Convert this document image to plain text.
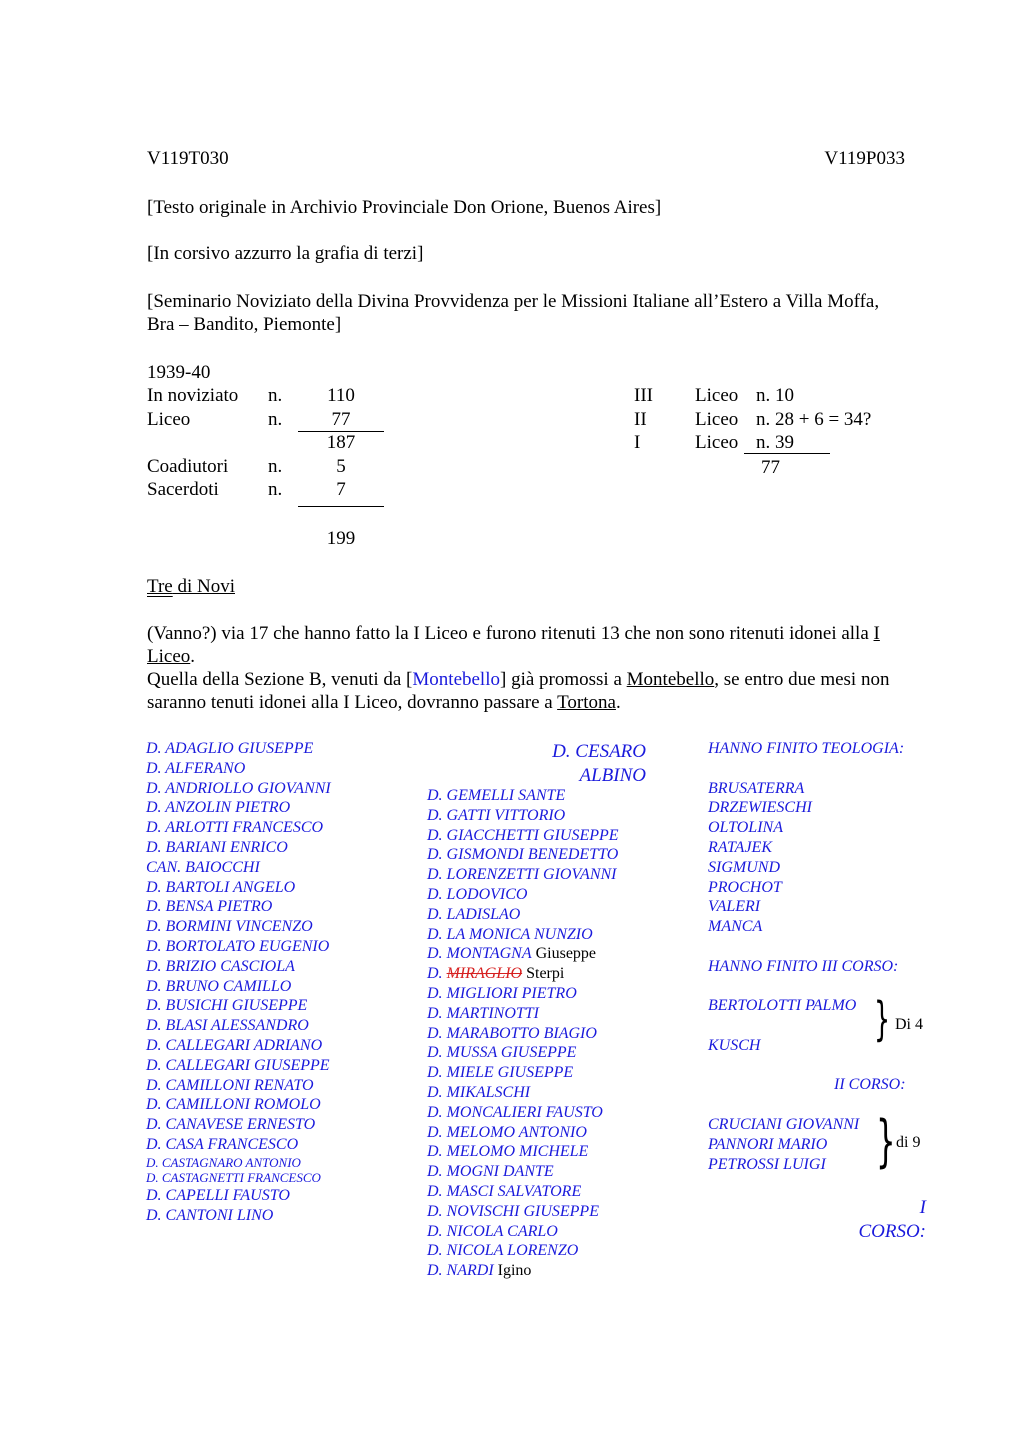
V119T030	V119P033
[Testo originale in Archivio Provinciale Don Orione, Buenos Aires]
[In corsivo azzurro la grafia di terzi]
[Seminario Noviziato della Divina Provvidenza per le Missioni Italiane all’Estero a Villa Moffa, Bra – Bandito, Piemonte]
1939-40
In noviziato
Liceo
Coadiutori
Sacerdoti
n.
n.
n.
n.
110
77
187
5
7
199
III
II
I
Liceo
Liceo
Liceo
n. 10
n. 28 + 6 = 34?
n. 39
77
Tre di Novi
(Vanno?) via 17 che hanno fatto la I Liceo e furono ritenuti 13 che non sono ritenuti idonei alla I Liceo.
Quella della Sezione B, venuti da [Montebello] già promossi a Montebello, se entro due mesi non saranno tenuti idonei alla I Liceo, dovranno passare a Tortona.
D. ADAGLIO GIUSEPPE
D. ALFERANO
D. ANDRIOLLO GIOVANNI
D. ANZOLIN PIETRO
D. ARLOTTI FRANCESCO
D. BARIANI ENRICO
CAN. BAIOCCHI
D. BARTOLI ANGELO
D. BENSA PIETRO
D. BORMINI VINCENZO
D. BORTOLATO EUGENIO
D. BRIZIO CASCIOLA
D. BRUNO CAMILLO
D. BUSICHI GIUSEPPE
D. BLASI ALESSANDRO
D. CALLEGARI ADRIANO
D. CALLEGARI GIUSEPPE
D. CAMILLONI RENATO
D. CAMILLONI ROMOLO
D. CANAVESE ERNESTO
D. CASA FRANCESCO
D. CASTAGNARO ANTONIO
D. CASTAGNETTI FRANCESCO
D. CAPELLI FAUSTO
D. CANTONI LINO
D. CESARO
ALBINO
D. GEMELLI SANTE
D. GATTI VITTORIO
D. GIACCHETTI GIUSEPPE
D. GISMONDI BENEDETTO
D. LORENZETTI GIOVANNI
D. LODOVICO
D. LADISLAO
D. LA MONICA NUNZIO
D. MONTAGNA Giuseppe
D. MIRAGLIO Sterpi
D. MIGLIORI PIETRO
D. MARTINOTTI
D. MARABOTTO BIAGIO
D. MUSSA GIUSEPPE
D. MIELE GIUSEPPE
D. MIKALSCHI
D. MONCALIERI FAUSTO
D. MELOMO ANTONIO
D. MELOMO MICHELE
D. MOGNI DANTE
D. MASCI SALVATORE
D. NOVISCHI GIUSEPPE
D. NICOLA CARLO
D. NICOLA LORENZO
D. NARDI Igino
HANNO FINITO TEOLOGIA:
BRUSATERRA
DRZEWIESCHI
OLTOLINA
RATAJEK
SIGMUND
PROCHOT
VALERI
MANCA
HANNO FINITO III CORSO:
BERTOLOTTI PALMO
KUSCH	} Di 4
II CORSO:
CRUCIANI GIOVANNI
PANNORI MARIO
PETROSSI LUIGI } di 9
I
CORSO:
